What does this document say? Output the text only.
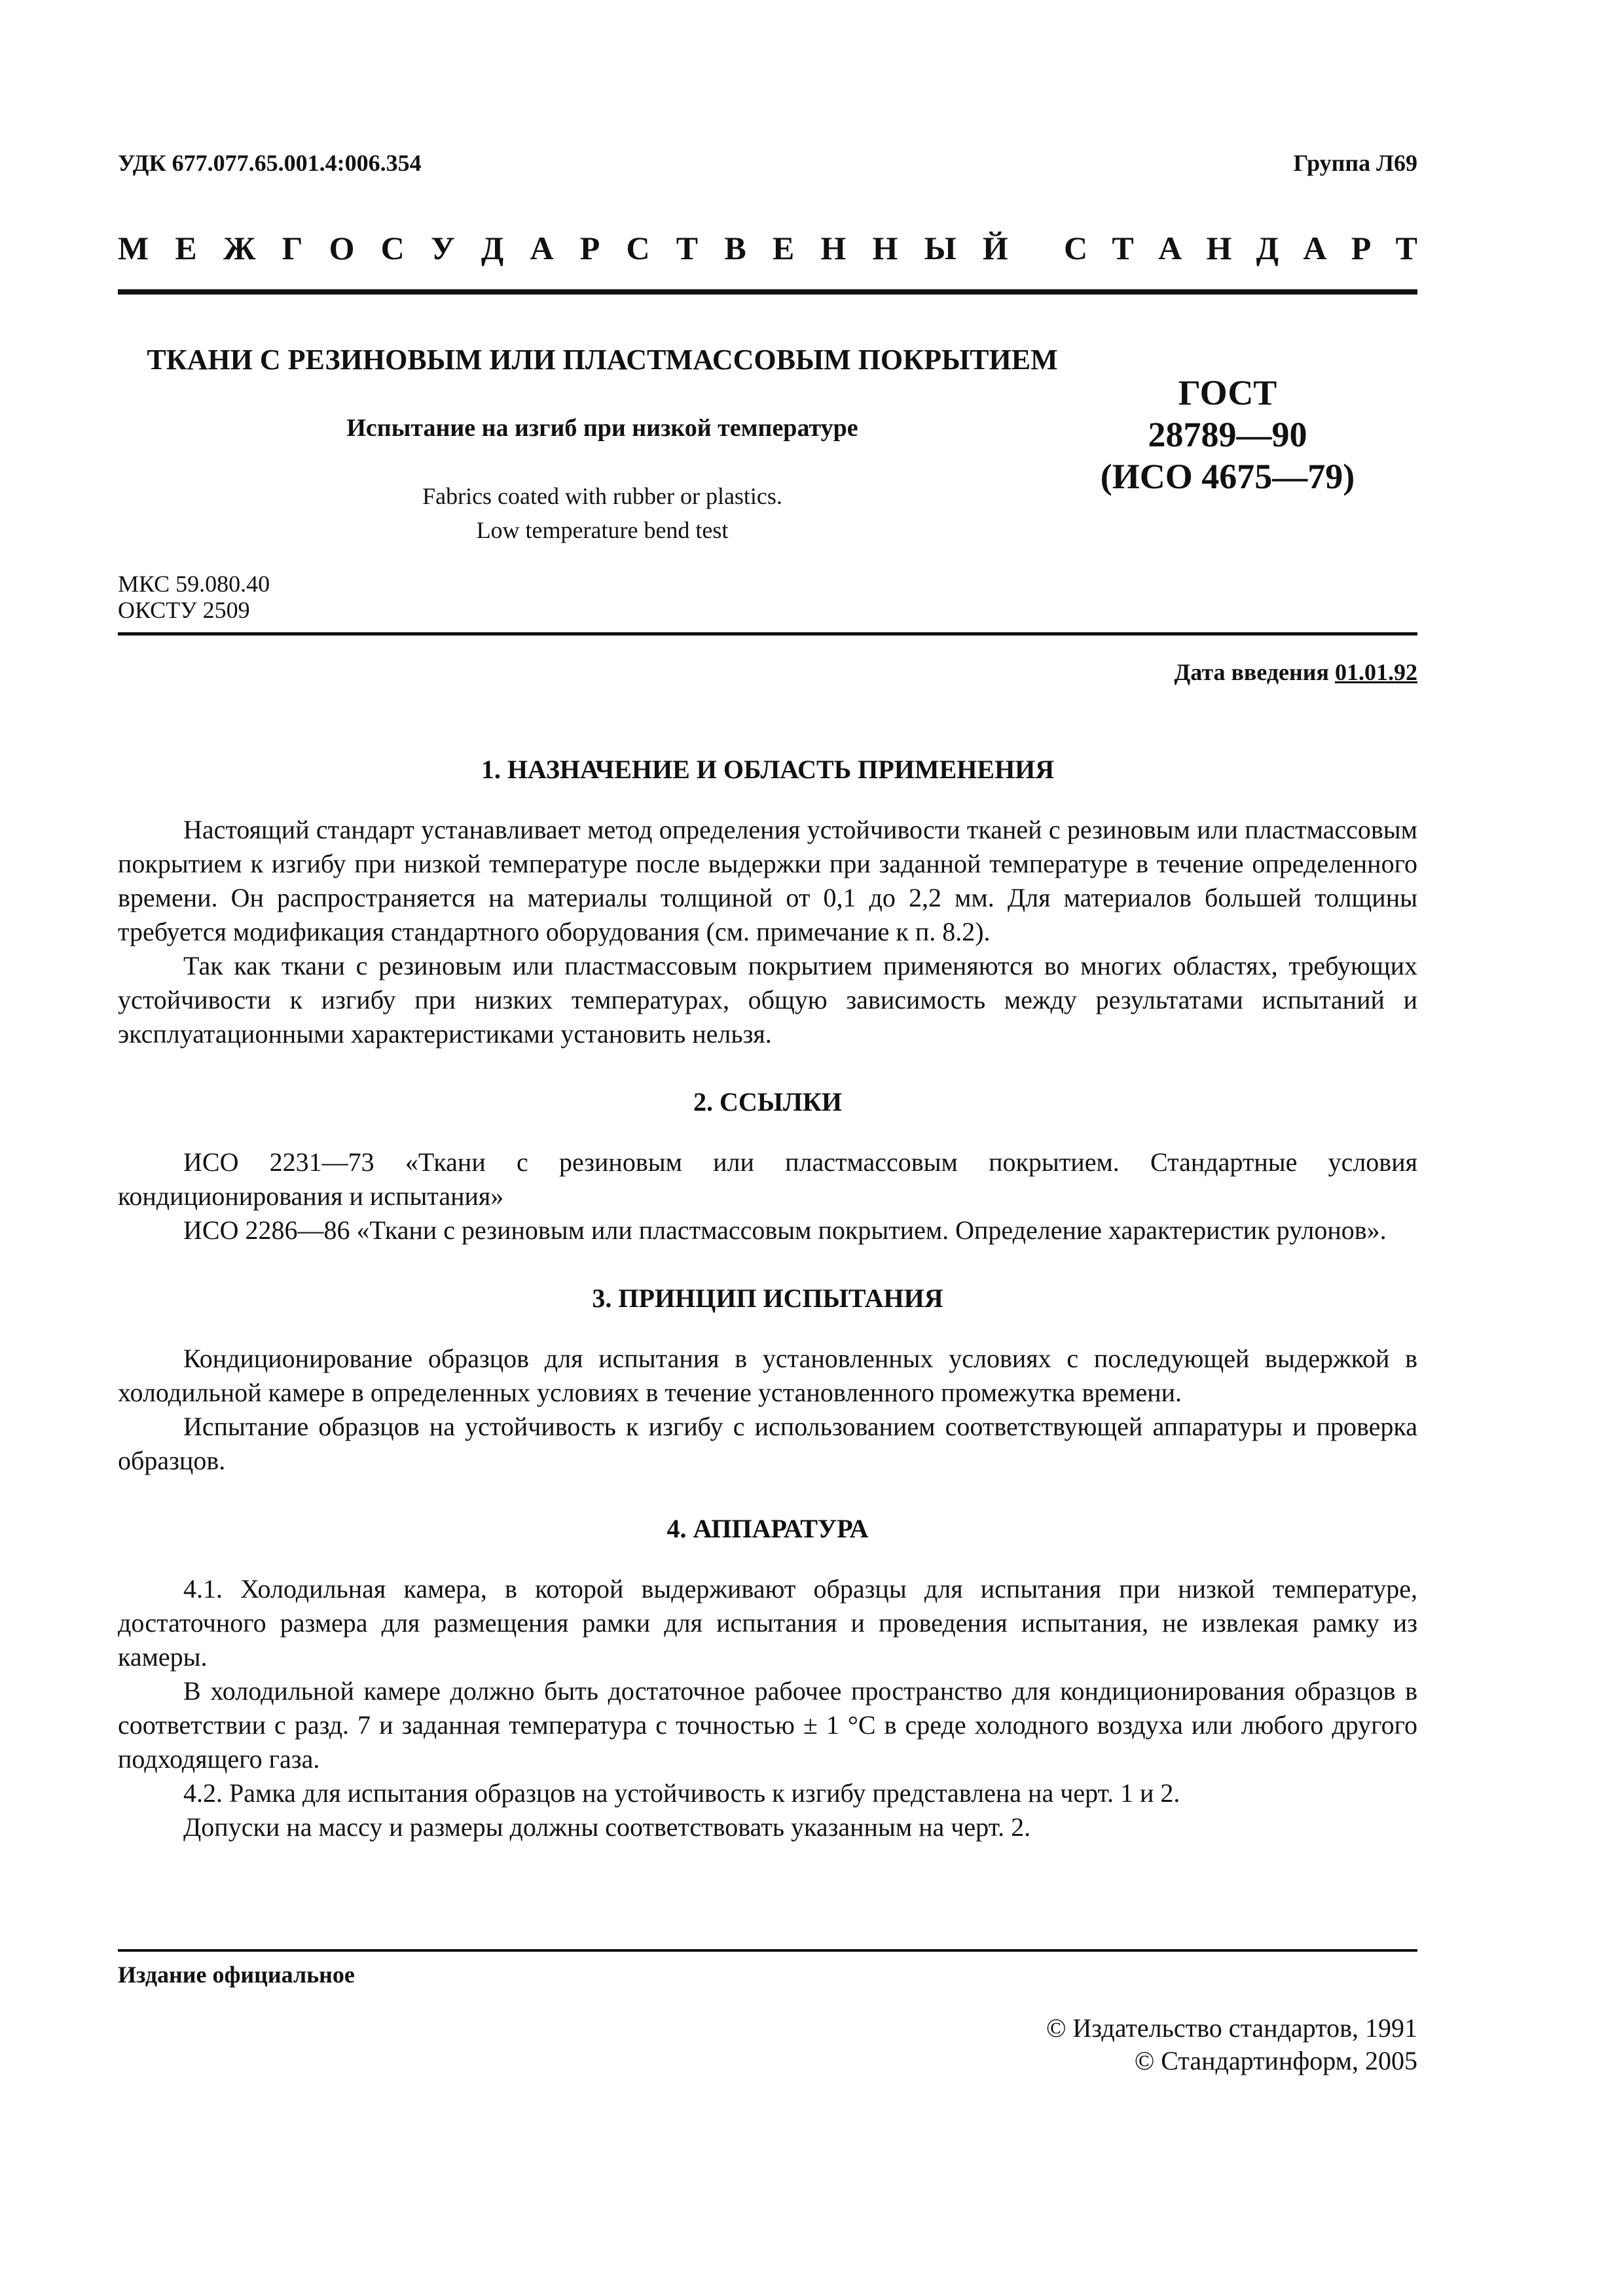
УДК 677.077.65.001.4:006.354	Группа Л69
М Е Ж Г О С У Д А Р С Т В Е Н Н Ы Й С Т А Н Д А Р Т
ТКАНИ С РЕЗИНОВЫМ ИЛИ ПЛАСТМАССОВЫМ ПОКРЫТИЕМ
Испытание на изгиб при низкой температуре
Fabrics coated with rubber or plastics.
Low temperature bend test
ГОСТ
28789—90
(ИСО 4675—79)
МКС 59.080.40
ОКСТУ 2509
Дата введения 01.01.92
1. НАЗНАЧЕНИЕ И ОБЛАСТЬ ПРИМЕНЕНИЯ

Настоящий стандарт устанавливает метод определения устойчивости тканей с резиновым или пластмассовым покрытием к изгибу при низкой температуре после выдержки при заданной температуре в течение определенного времени. Он распространяется на материалы толщиной от 0,1 до 2,2 мм. Для материалов большей толщины требуется модификация стандартного оборудования (см. примечание к п. 8.2).

Так как ткани с резиновым или пластмассовым покрытием применяются во многих областях, требующих устойчивости к изгибу при низких температурах, общую зависимость между результатами испытаний и эксплуатационными характеристиками установить нельзя.

2. ССЫЛКИ

ИСО 2231—73 «Ткани с резиновым или пластмассовым покрытием. Стандартные условия кондиционирования и испытания»

ИСО 2286—86 «Ткани с резиновым или пластмассовым покрытием. Определение характеристик рулонов».

3. ПРИНЦИП ИСПЫТАНИЯ

Кондиционирование образцов для испытания в установленных условиях с последующей выдержкой в холодильной камере в определенных условиях в течение установленного промежутка времени.

Испытание образцов на устойчивость к изгибу с использованием соответствующей аппаратуры и проверка образцов.

4. АППАРАТУРА

4.1. Холодильная камера, в которой выдерживают образцы для испытания при низкой температуре, достаточного размера для размещения рамки для испытания и проведения испытания, не извлекая рамку из камеры.

В холодильной камере должно быть достаточное рабочее пространство для кондиционирования образцов в соответствии с разд. 7 и заданная температура с точностью ± 1 °С в среде холодного воздуха или любого другого подходящего газа.

4.2. Рамка для испытания образцов на устойчивость к изгибу представлена на черт. 1 и 2.

Допуски на массу и размеры должны соответствовать указанным на черт. 2.

Издание официальное
© Издательство стандартов, 1991
© Стандартинформ, 2005
